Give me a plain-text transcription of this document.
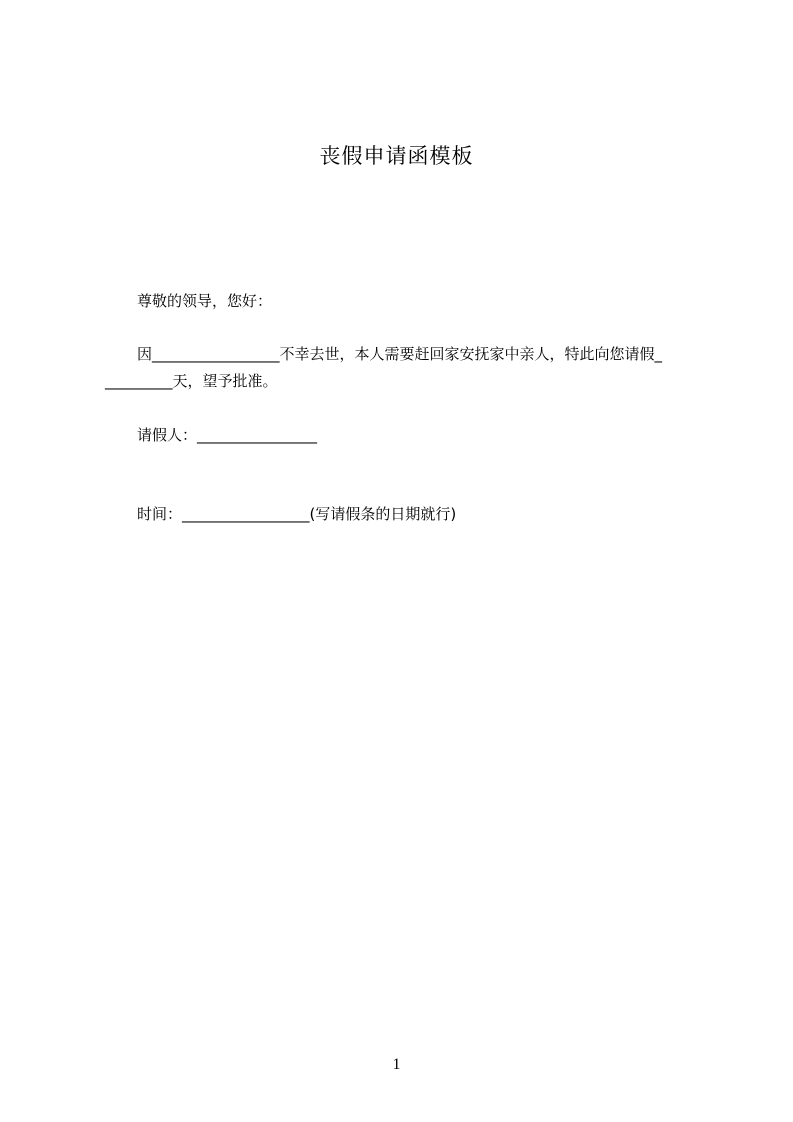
丧假申请函模板
尊敬的领导，您好：
因_________________不幸去世，本人需要赶回家安抚家中亲人，特此向您请假_
_________天，望予批准。
请假人：________________
时间：_________________(写请假条的日期就行)
1
